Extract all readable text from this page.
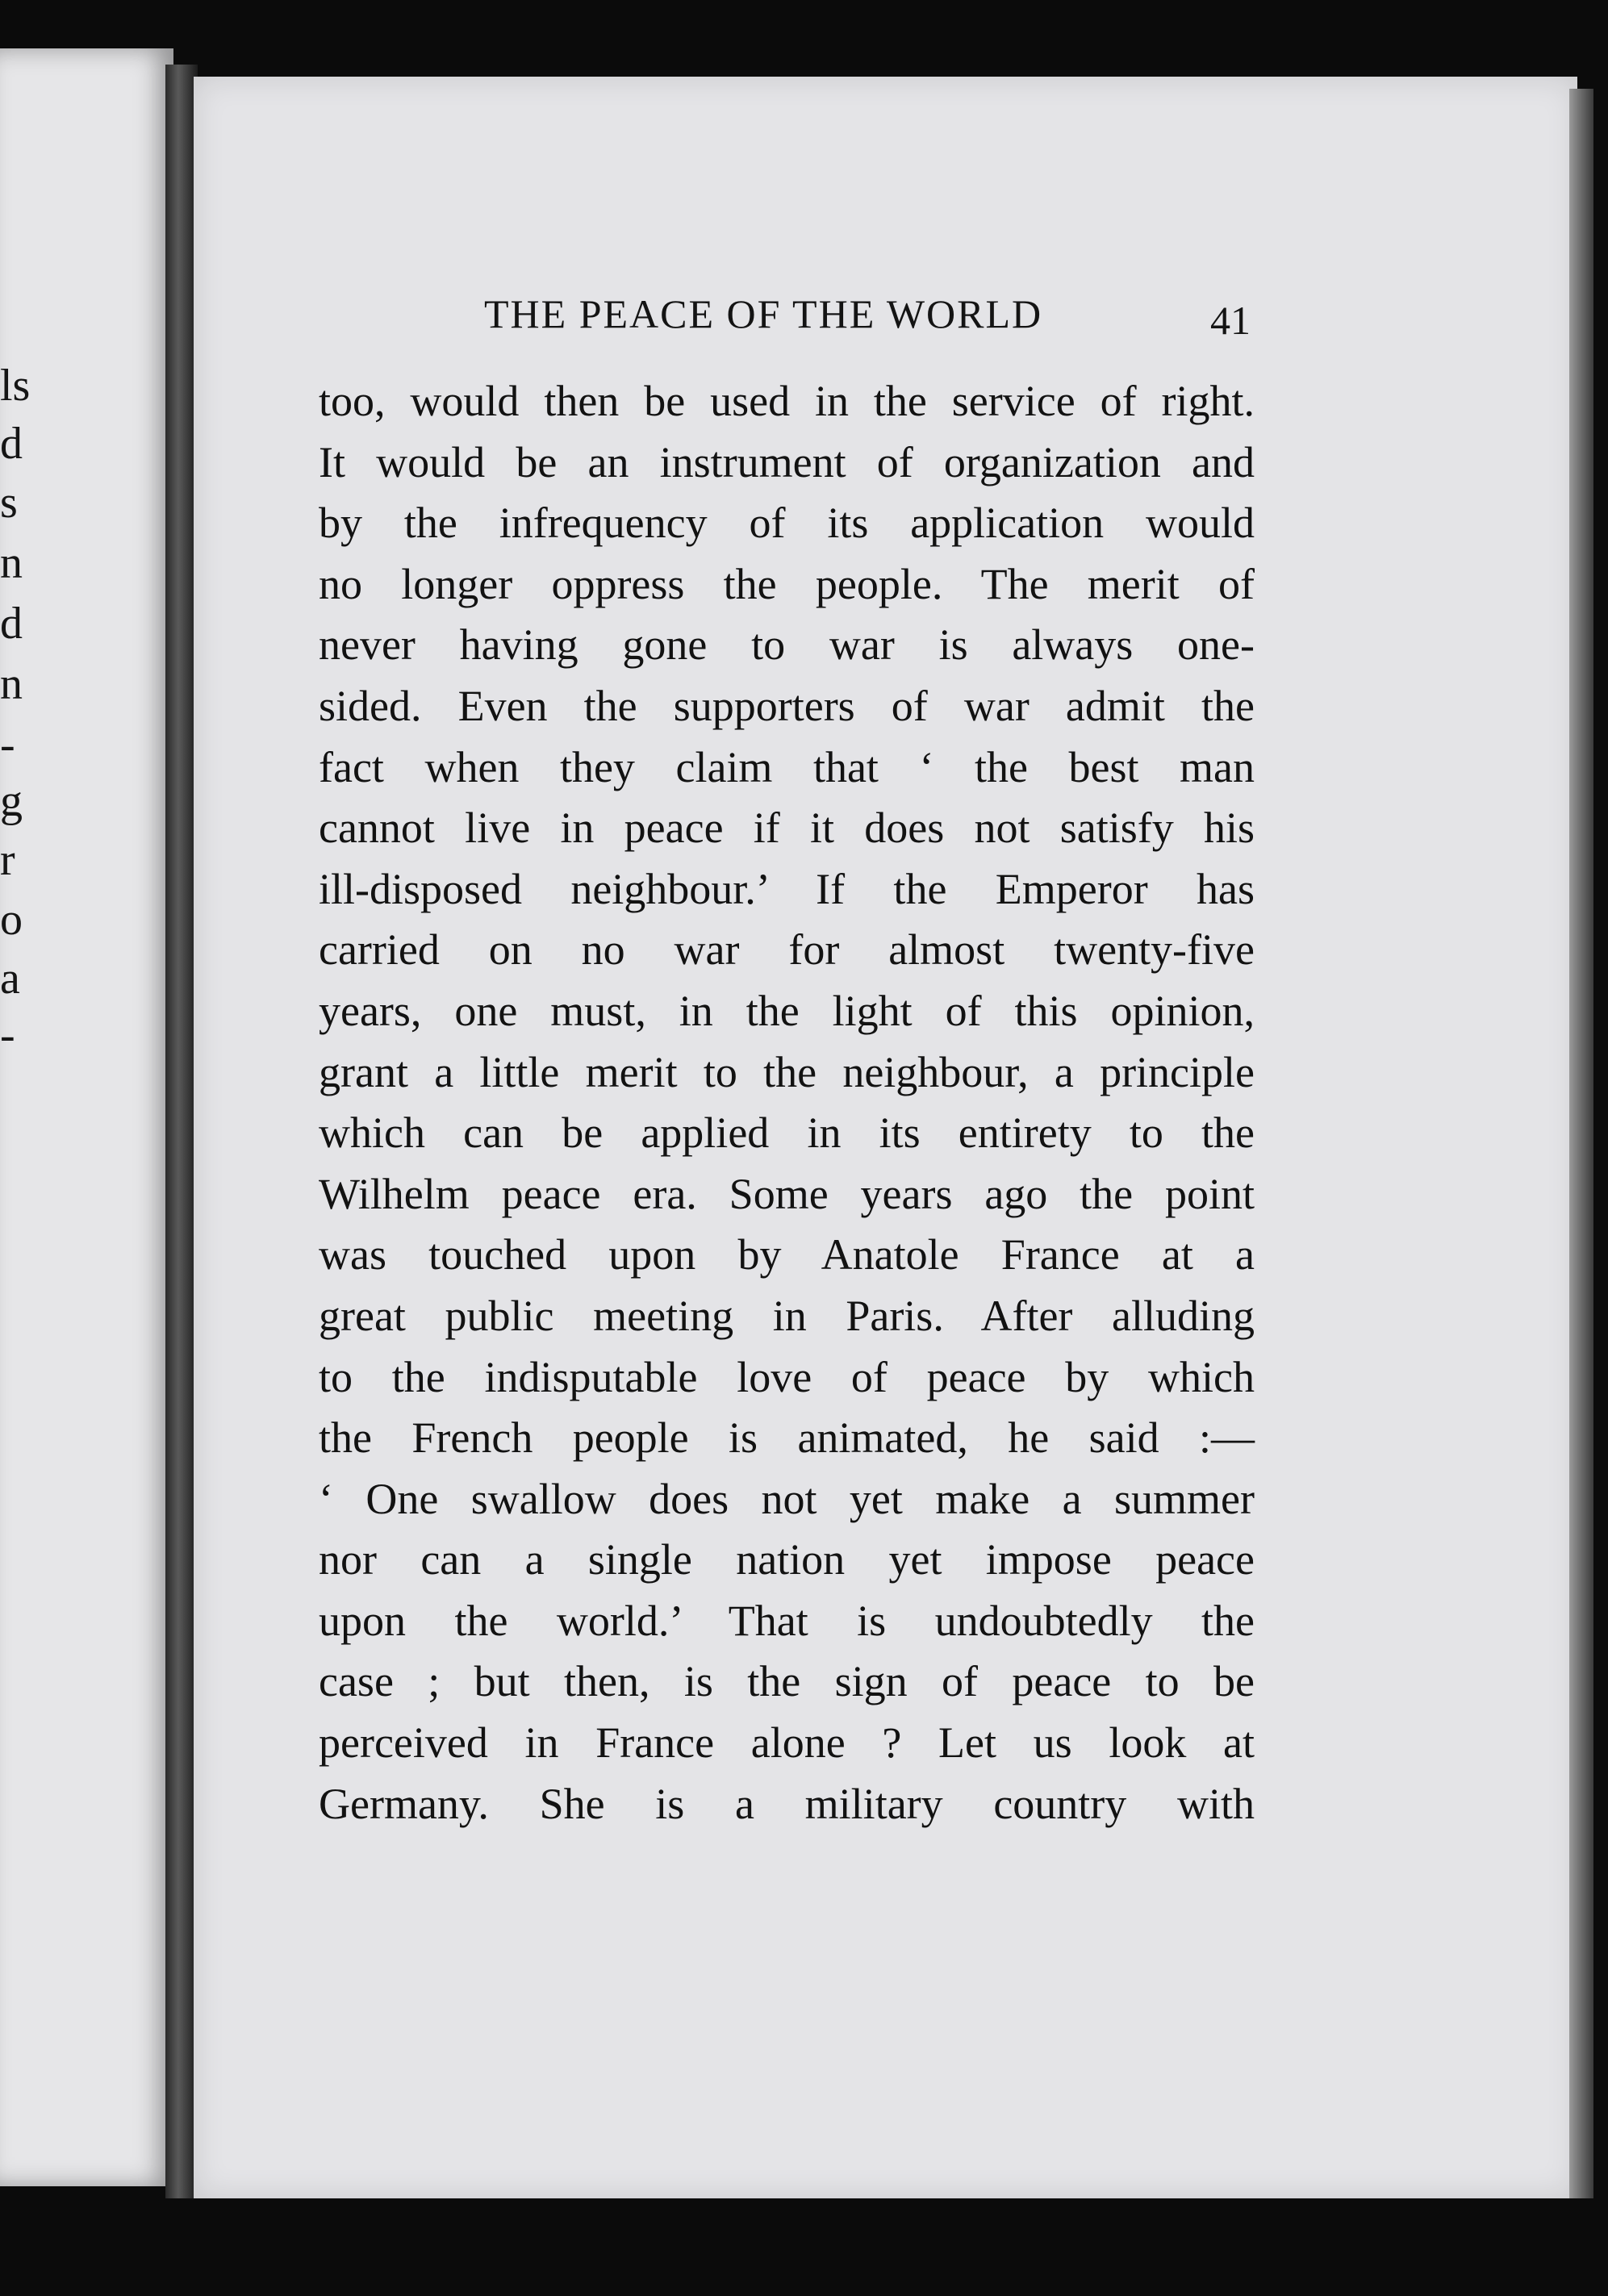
ls
d
s
n
d
n
-
g
r
o
a
-
THE PEACE OF THE WORLD	41
too, would then be used in the service of right.
It would be an instrument of organization and
by the infrequency of its application would
no longer oppress the people. The merit of
never having gone to war is always one-
sided. Even the supporters of war admit the
fact when they claim that ‘ the best man
cannot live in peace if it does not satisfy his
ill-disposed neighbour.’ If the Emperor has
carried on no war for almost twenty-five
years, one must, in the light of this opinion,
grant a little merit to the neighbour, a principle
which can be applied in its entirety to the
Wilhelm peace era. Some years ago the point
was touched upon by Anatole France at a
great public meeting in Paris. After alluding
to the indisputable love of peace by which
the French people is animated, he said :—
‘ One swallow does not yet make a summer
nor can a single nation yet impose peace
upon the world.’ That is undoubtedly the
case ; but then, is the sign of peace to be
perceived in France alone ? Let us look at
Germany. She is a military country with
